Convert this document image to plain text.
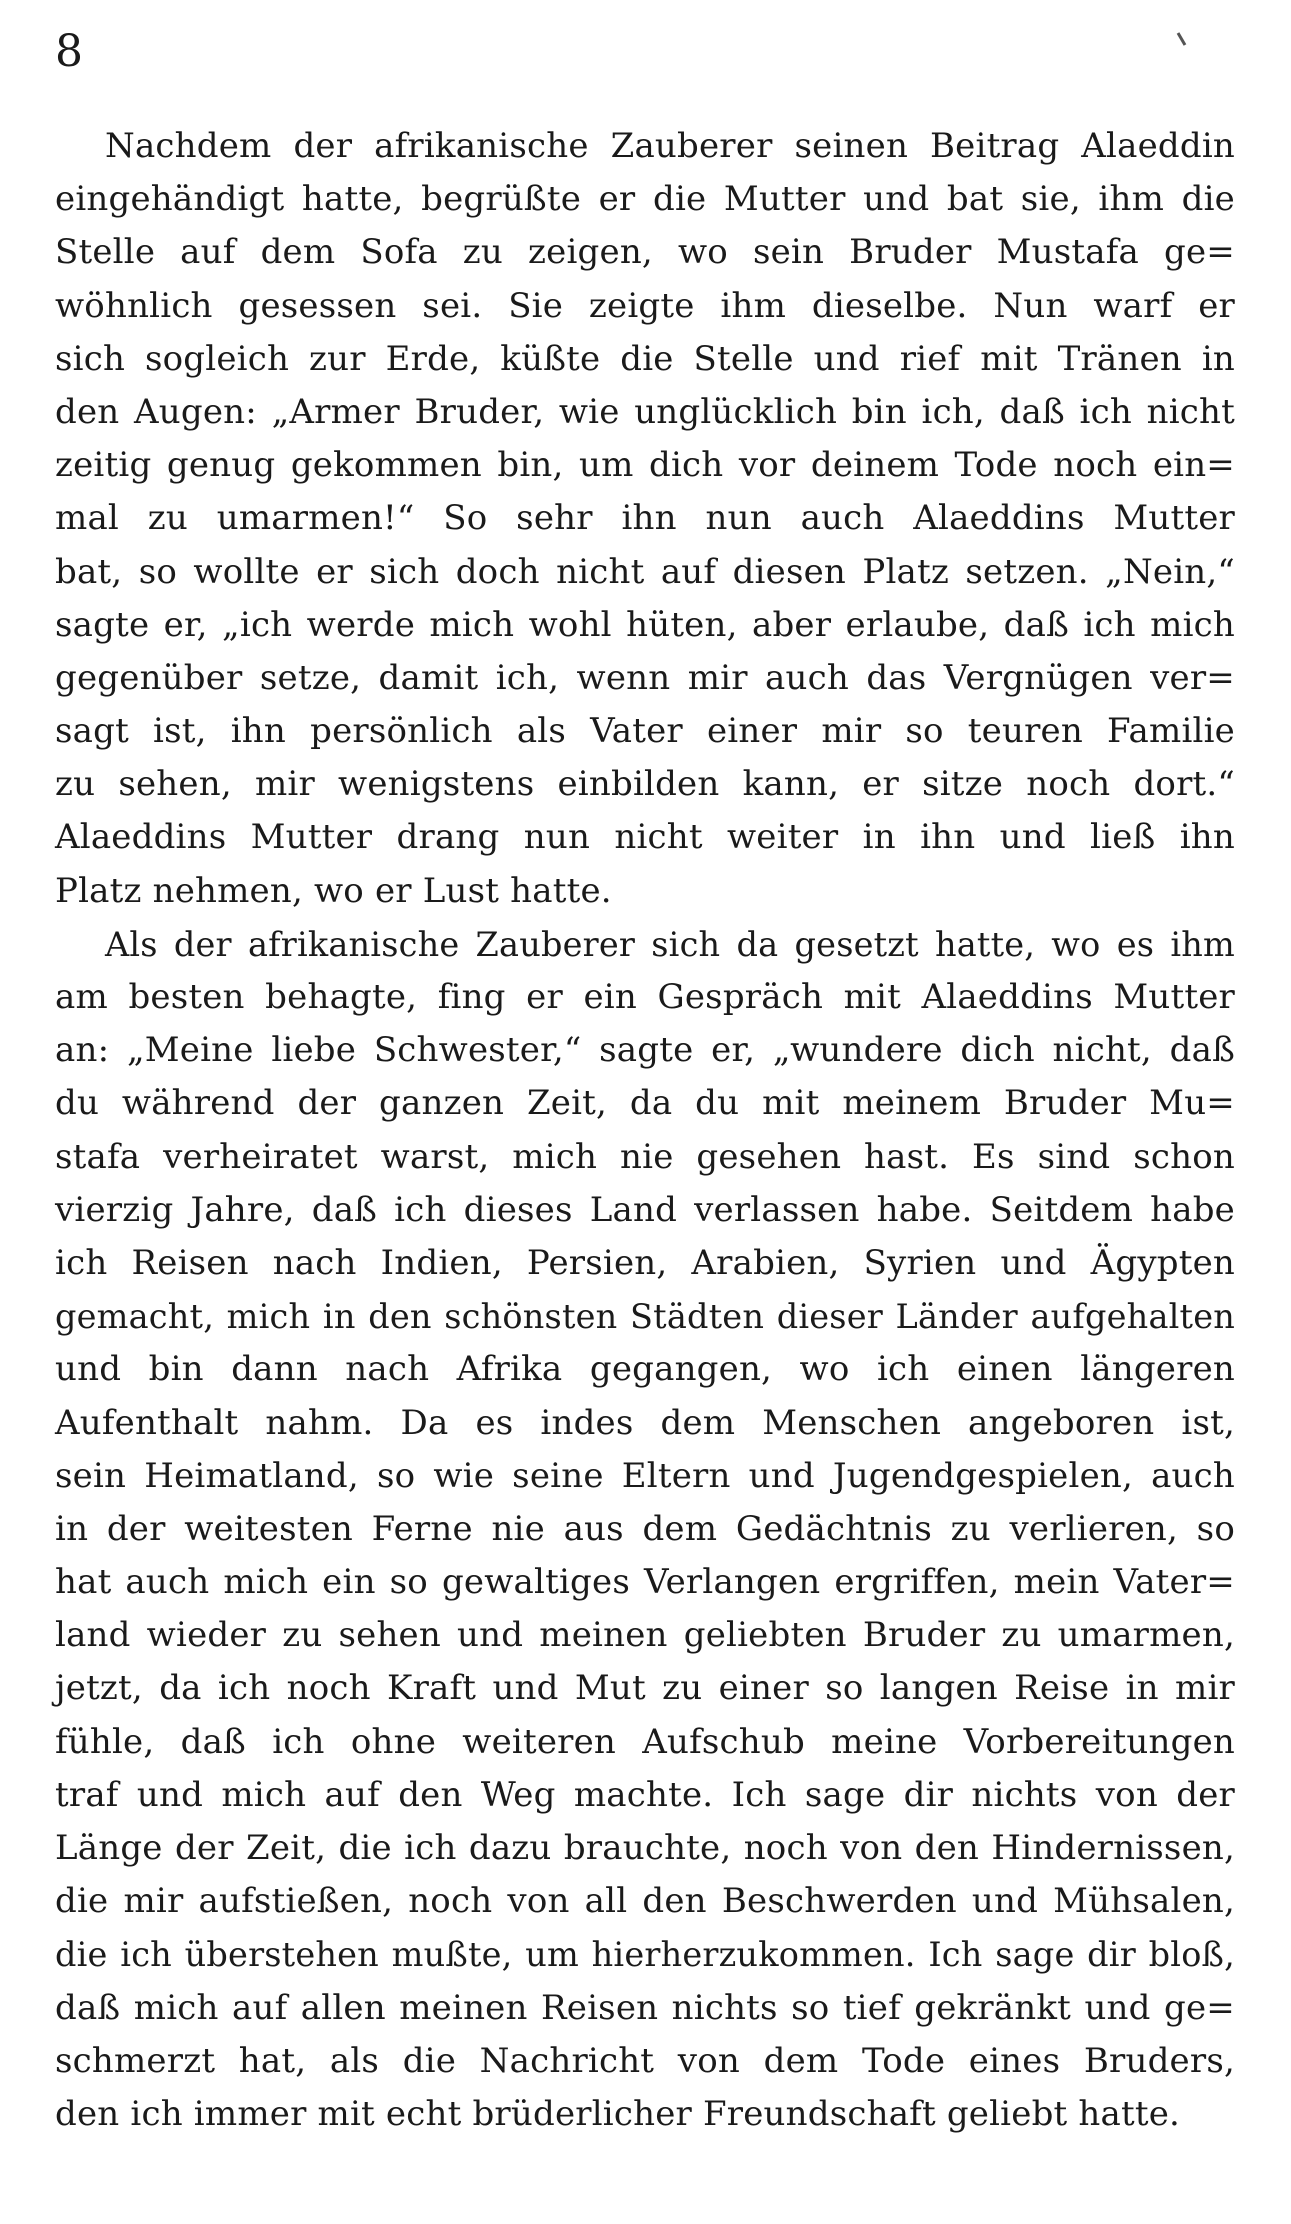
8
Nachdem der afrikanische Zauberer seinen Beitrag Alaeddin
eingehändigt hatte, begrüßte er die Mutter und bat sie, ihm die
Stelle auf dem Sofa zu zeigen, wo sein Bruder Mustafa ge=
wöhnlich gesessen sei. Sie zeigte ihm dieselbe. Nun warf er
sich sogleich zur Erde, küßte die Stelle und rief mit Tränen in
den Augen: „Armer Bruder, wie unglücklich bin ich, daß ich nicht
zeitig genug gekommen bin, um dich vor deinem Tode noch ein=
mal zu umarmen!“ So sehr ihn nun auch Alaeddins Mutter
bat, so wollte er sich doch nicht auf diesen Platz setzen. „Nein,“
sagte er, „ich werde mich wohl hüten, aber erlaube, daß ich mich
gegenüber setze, damit ich, wenn mir auch das Vergnügen ver=
sagt ist, ihn persönlich als Vater einer mir so teuren Familie
zu sehen, mir wenigstens einbilden kann, er sitze noch dort.“
Alaeddins Mutter drang nun nicht weiter in ihn und ließ ihn
Platz nehmen, wo er Lust hatte.
Als der afrikanische Zauberer sich da gesetzt hatte, wo es ihm
am besten behagte, fing er ein Gespräch mit Alaeddins Mutter
an: „Meine liebe Schwester,“ sagte er, „wundere dich nicht, daß
du während der ganzen Zeit, da du mit meinem Bruder Mu=
stafa verheiratet warst, mich nie gesehen hast. Es sind schon
vierzig Jahre, daß ich dieses Land verlassen habe. Seitdem habe
ich Reisen nach Indien, Persien, Arabien, Syrien und Ägypten
gemacht, mich in den schönsten Städten dieser Länder aufgehalten
und bin dann nach Afrika gegangen, wo ich einen längeren
Aufenthalt nahm. Da es indes dem Menschen angeboren ist,
sein Heimatland, so wie seine Eltern und Jugendgespielen, auch
in der weitesten Ferne nie aus dem Gedächtnis zu verlieren, so
hat auch mich ein so gewaltiges Verlangen ergriffen, mein Vater=
land wieder zu sehen und meinen geliebten Bruder zu umarmen,
jetzt, da ich noch Kraft und Mut zu einer so langen Reise in mir
fühle, daß ich ohne weiteren Aufschub meine Vorbereitungen
traf und mich auf den Weg machte. Ich sage dir nichts von der
Länge der Zeit, die ich dazu brauchte, noch von den Hindernissen,
die mir aufstießen, noch von all den Beschwerden und Mühsalen,
die ich überstehen mußte, um hierherzukommen. Ich sage dir bloß,
daß mich auf allen meinen Reisen nichts so tief gekränkt und ge=
schmerzt hat, als die Nachricht von dem Tode eines Bruders,
den ich immer mit echt brüderlicher Freundschaft geliebt hatte.
